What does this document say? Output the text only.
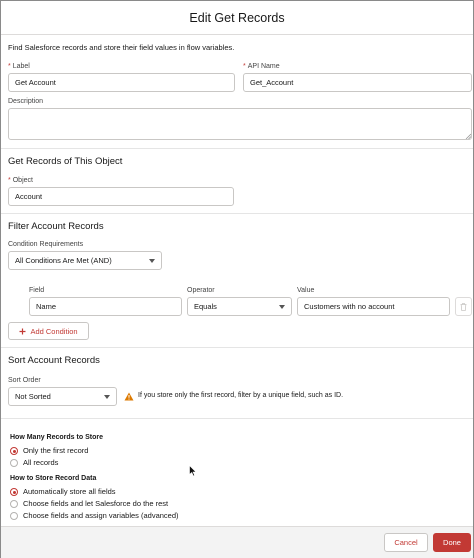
Edit Get Records
Find Salesforce records and store their field values in flow variables.
* Label
Get Account
* API Name
Get_Account
Description
Get Records of This Object
* Object
Account
Filter Account Records
Condition Requirements
All Conditions Are Met (AND)
Field	Operator	Value
Name	Equals	Customers with no account
Add Condition
Sort Account Records
Sort Order
Not Sorted	If you store only the first record, filter by a unique field, such as ID.
How Many Records to Store
Only the first record
All records
How to Store Record Data
Automatically store all fields
Choose fields and let Salesforce do the rest
Choose fields and assign variables (advanced)
Cancel	Done
